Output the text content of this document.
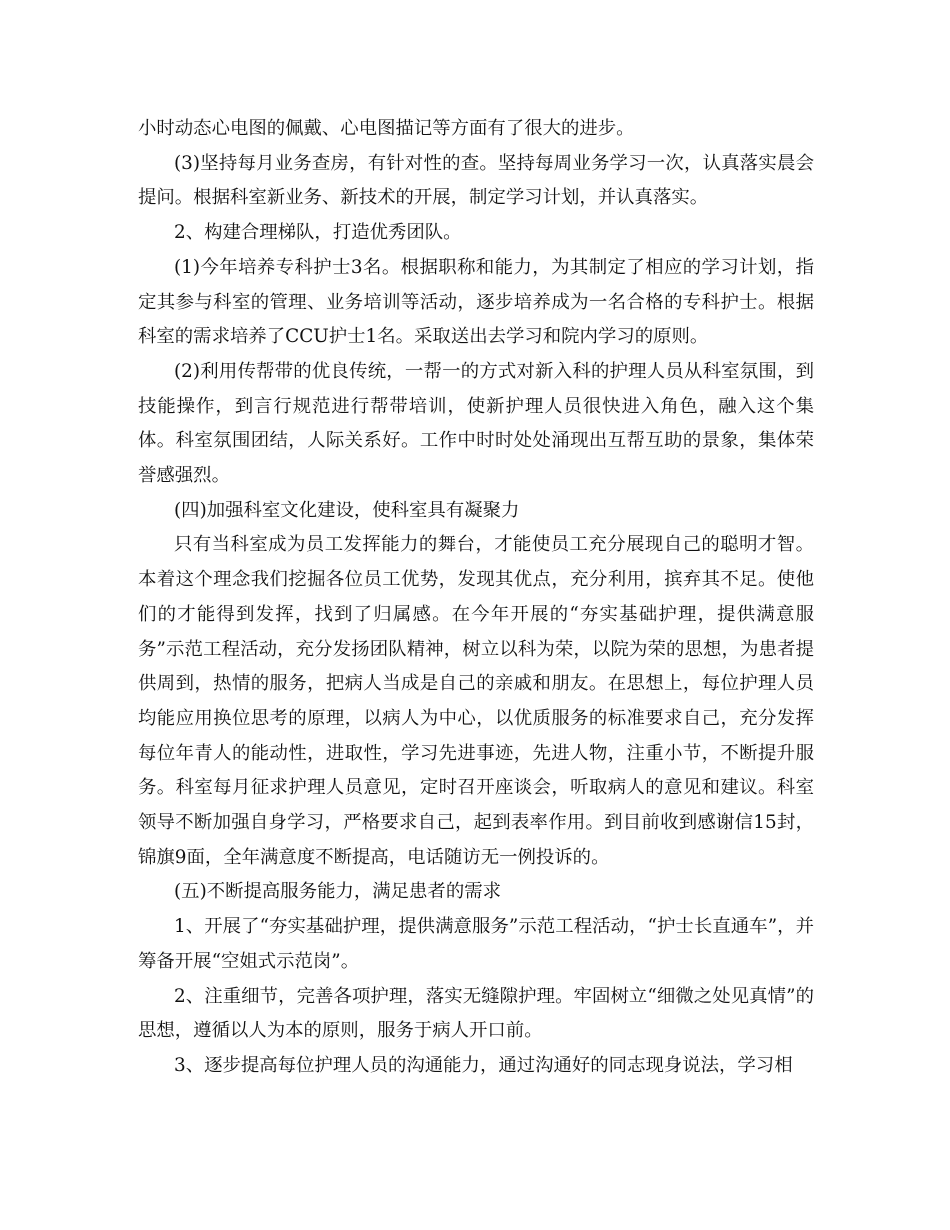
小时动态心电图的佩戴、心电图描记等方面有了很大的进步。

(3)坚持每月业务查房，有针对性的查。坚持每周业务学习一次，认真落实晨会提问。根据科室新业务、新技术的开展，制定学习计划，并认真落实。

2、构建合理梯队，打造优秀团队。

(1)今年培养专科护士3名。根据职称和能力，为其制定了相应的学习计划，指定其参与科室的管理、业务培训等活动，逐步培养成为一名合格的专科护士。根据科室的需求培养了CCU护士1名。采取送出去学习和院内学习的原则。

(2)利用传帮带的优良传统，一帮一的方式对新入科的护理人员从科室氛围，到技能操作，到言行规范进行帮带培训，使新护理人员很快进入角色，融入这个集体。科室氛围团结，人际关系好。工作中时时处处涌现出互帮互助的景象，集体荣誉感强烈。

(四)加强科室文化建设，使科室具有凝聚力

只有当科室成为员工发挥能力的舞台，才能使员工充分展现自己的聪明才智。本着这个理念我们挖掘各位员工优势，发现其优点，充分利用，摈弃其不足。使他们的才能得到发挥，找到了归属感。在今年开展的“夯实基础护理，提供满意服务”示范工程活动，充分发扬团队精神，树立以科为荣，以院为荣的思想，为患者提供周到，热情的服务，把病人当成是自己的亲戚和朋友。在思想上，每位护理人员均能应用换位思考的原理，以病人为中心，以优质服务的标准要求自己，充分发挥每位年青人的能动性，进取性，学习先进事迹，先进人物，注重小节，不断提升服务。科室每月征求护理人员意见，定时召开座谈会，听取病人的意见和建议。科室领导不断加强自身学习，严格要求自己，起到表率作用。到目前收到感谢信15封，锦旗9面，全年满意度不断提高，电话随访无一例投诉的。

(五)不断提高服务能力，满足患者的需求

1、开展了“夯实基础护理，提供满意服务”示范工程活动，“护士长直通车”，并筹备开展“空姐式示范岗”。

2、注重细节，完善各项护理，落实无缝隙护理。牢固树立“细微之处见真情”的思想，遵循以人为本的原则，服务于病人开口前。

3、逐步提高每位护理人员的沟通能力，通过沟通好的同志现身说法，学习相
